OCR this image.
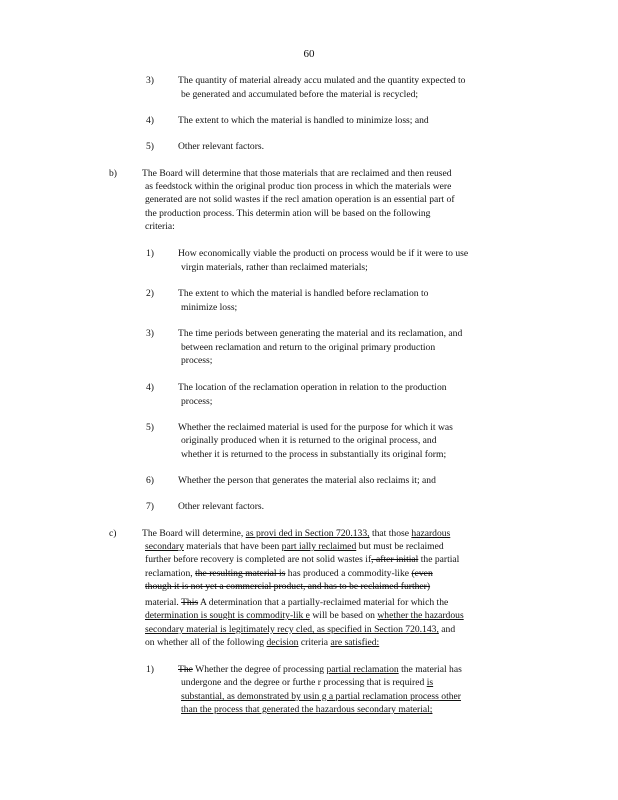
60
3)	The quantity of material already accu mulated and the quantity expected to
be generated and accumulated before the material is recycled;
4)	The extent to which the material is handled to minimize loss; and
5)	Other relevant factors.
b)	The Board will determine that those materials that are reclaimed and then reused
as feedstock within the original produc tion process in which the materials were
generated are not solid wastes if the recl amation operation is an essential part of
the production process. This determin ation will be based on the following
criteria:
1)	How economically viable the producti on process would be if it were to use
virgin materials, rather than reclaimed materials;
2)	The extent to which the material is handled before reclamation to
minimize loss;
3)	The time periods between generating the material and its reclamation, and
between reclamation and return to the original primary production
process;
4)	The location of the reclamation operation in relation to the production
process;
5)	Whether the reclaimed material is used for the purpose for which it was
originally produced when it is returned to the original process, and
whether it is returned to the process in substantially its original form;
6)	Whether the person that generates the material also reclaims it; and
7)	Other relevant factors.
c)	The Board will determine, as provi ded in Section 720.133, that those hazardous
secondary materials that have been part ially reclaimed but must be reclaimed
further before recovery is completed are not solid wastes if, after initial the partial
reclamation, the resulting material is has produced a commodity-like (even
though it is not yet a commercial product, and has to be reclaimed further)
material. This A determination that a partially-reclaimed material for which the
determination is sought is commodity-lik e will be based on whether the hazardous
secondary material is legitimately recy cled, as specified in Section 720.143, and
on whether all of the following decision criteria are satisfied:
1)	The Whether the degree of processing partial reclamation the material has
undergone and the degree or furthe r processing that is required is
substantial, as demonstrated by usin g a partial reclamation process other
than the process that generated the hazardous secondary material;
